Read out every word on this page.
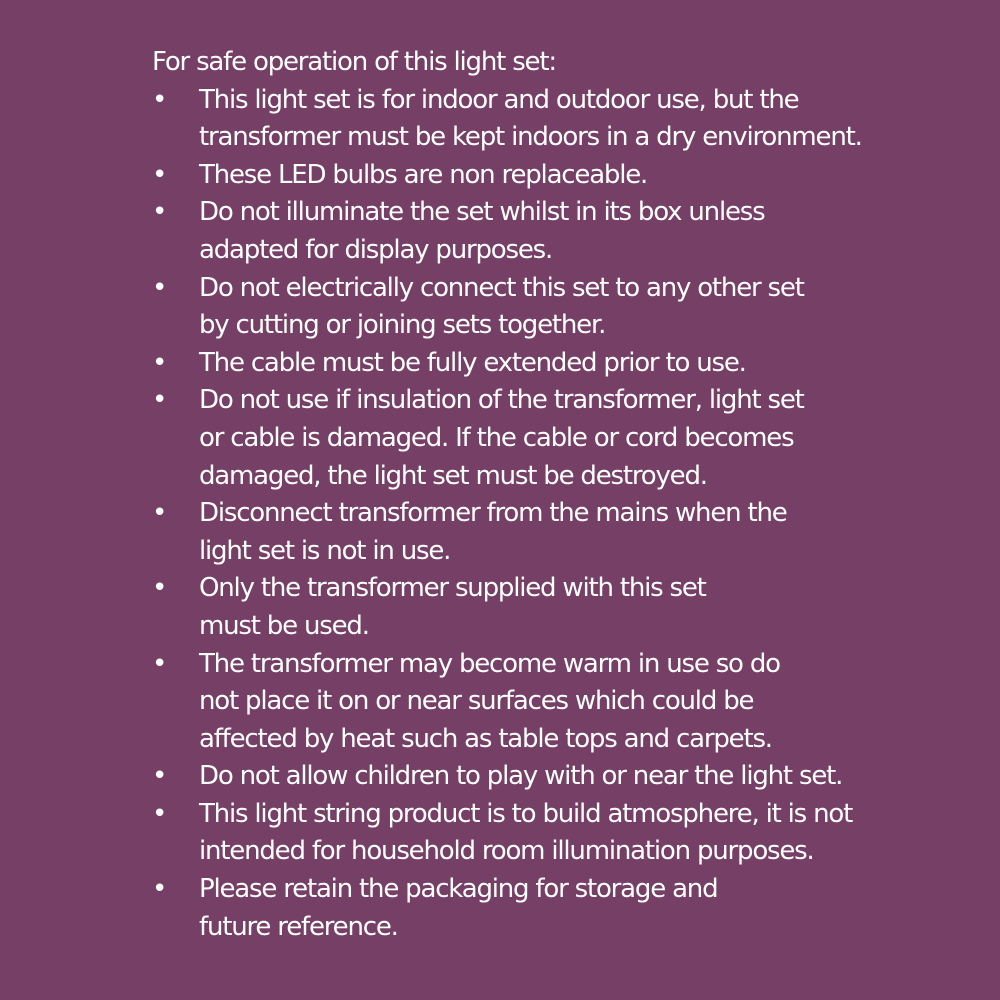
For safe operation of this light set:
• This light set is for indoor and outdoor use, but the
transformer must be kept indoors in a dry environment.
• These LED bulbs are non replaceable.
• Do not illuminate the set whilst in its box unless
adapted for display purposes.
• Do not electrically connect this set to any other set
by cutting or joining sets together.
• The cable must be fully extended prior to use.
• Do not use if insulation of the transformer, light set
or cable is damaged. If the cable or cord becomes
damaged, the light set must be destroyed.
• Disconnect transformer from the mains when the
light set is not in use.
• Only the transformer supplied with this set
must be used.
• The transformer may become warm in use so do
not place it on or near surfaces which could be
affected by heat such as table tops and carpets.
• Do not allow children to play with or near the light set.
• This light string product is to build atmosphere, it is not
intended for household room illumination purposes.
• Please retain the packaging for storage and
future reference.
